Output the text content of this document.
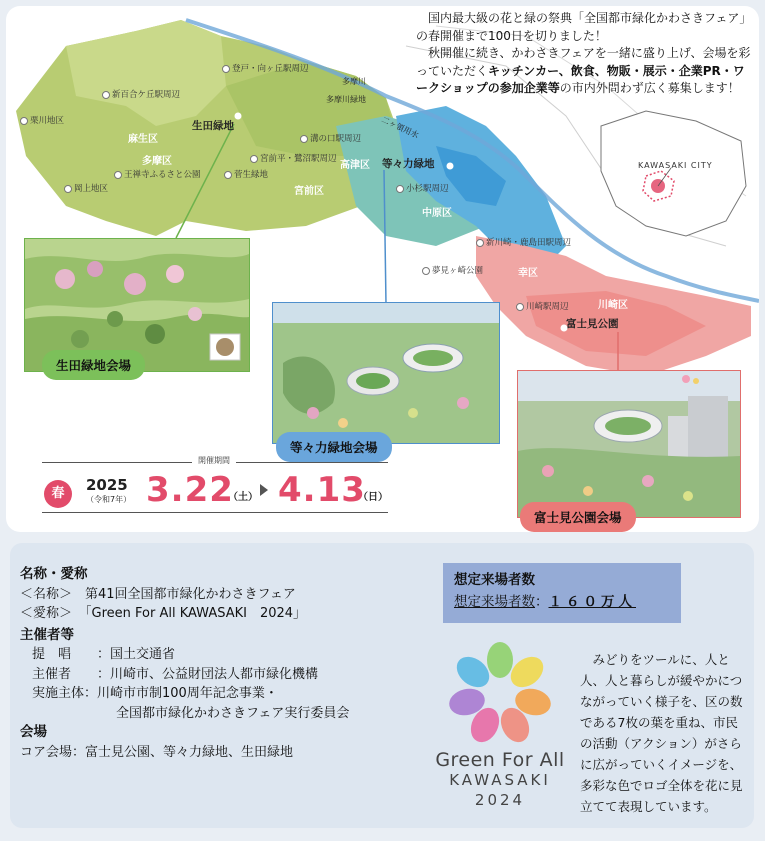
登戸・向ヶ丘駅周辺
新百合ケ丘駅周辺
栗川地区
麻生区
多摩区
王禅寺ふるさと公園
岡上地区
溝の口駅周辺
宮前平・鷺沼駅周辺
菅生緑地
宮前区
高津区
小杉駅周辺
中原区
新川崎・鹿島田駅周辺
夢見ヶ崎公園	幸区
川崎駅周辺	川崎区
多摩川
多摩川緑地
二ヶ領用水
生田緑地
等々力緑地
富士見公園
KAWASAKI CITY
　国内最大級の花と緑の祭典「全国都市緑化かわさきフェア」の春開催まで100日を切りました！
　秋開催に続き、かわさきフェアを一緒に盛り上げ、会場を彩っていただくキッチンカー、飲食、物販・展示・企業PR・ワークショップの参加企業等の市内外問わず広く募集します！
生田緑地会場
等々力緑地会場
富士見公園会場
開催期間
春	2025
（令和7年） 3.22
（土） 4.13
（日）
名称・愛称
＜名称＞　第41回全国都市緑化かわさきフェア
＜愛称＞　「Green For All KAWASAKI　2024」
主催者等
提　唱　　：国土交通省
主催者　　：川崎市、公益財団法人都市緑化機構
実施主体：川崎市市制100周年記念事業・
全国都市緑化かわさきフェア実行委員会
会場
コア会場：富士見公園、等々力緑地、生田緑地
想定来場者数
想定来場者数：１６０万人
Green For All
KAWASAKI
2024
　みどりをツールに、人と人、人と暮らしが緩やかにつながっていく様子を、区の数である7枚の葉を重ね、市民の活動（アクション）がさらに広がっていくイメージを、多彩な色でロゴ全体を花に見立てて表現しています。
